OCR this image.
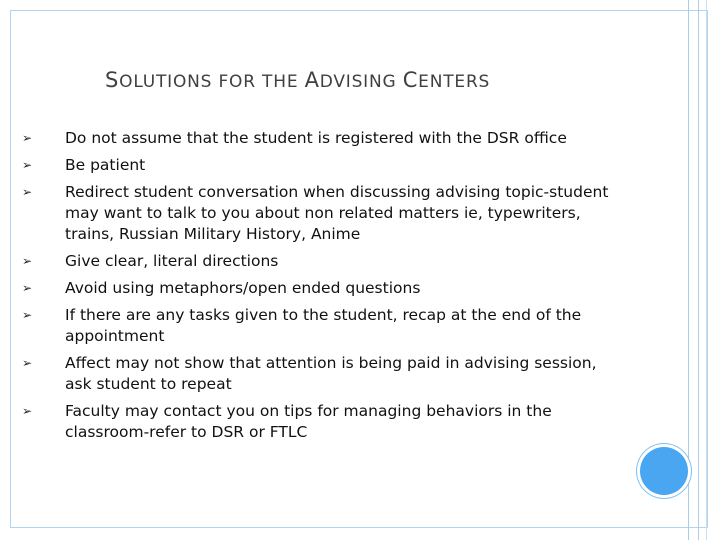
SOLUTIONS FOR THE ADVISING CENTERS
➢ Do not assume that the student is registered with the DSR office
➢ Be patient
➢ Redirect student conversation when discussing advising topic-student may want to talk to you about non related matters ie, typewriters, trains, Russian Military History, Anime
➢ Give clear, literal directions
➢ Avoid using metaphors/open ended questions
➢ If there are any tasks given to the student, recap at the end of the appointment
➢ Affect may not show that attention is being paid in advising session, ask student to repeat
➢ Faculty may contact you on tips for managing behaviors in the classroom-refer to DSR or FTLC
